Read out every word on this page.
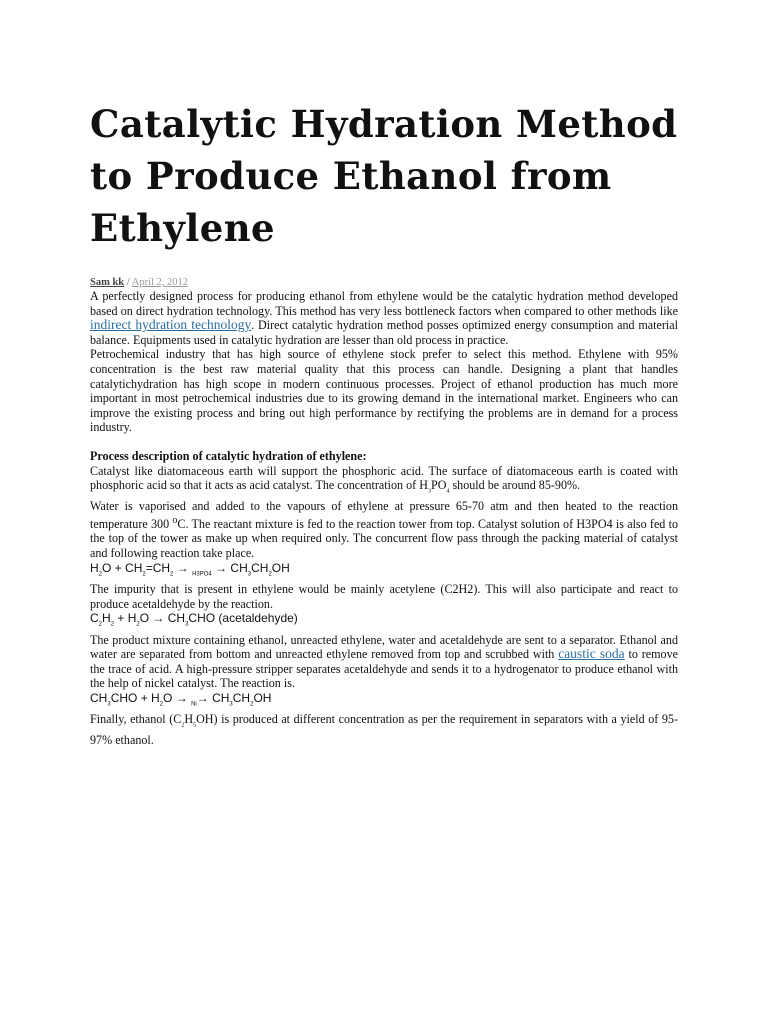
Catalytic Hydration Method to Produce Ethanol from Ethylene
Sam kk / April 2, 2012

A perfectly designed process for producing ethanol from ethylene would be the catalytic hydration method developed based on direct hydration technology. This method has very less bottleneck factors when compared to other methods like indirect hydration technology. Direct catalytic hydration method posses optimized energy consumption and material balance. Equipments used in catalytic hydration are lesser than old process in practice.

Petrochemical industry that has high source of ethylene stock prefer to select this method. Ethylene with 95% concentration is the best raw material quality that this process can handle. Designing a plant that handles catalytichydration has high scope in modern continuous processes. Project of ethanol production has much more important in most petrochemical industries due to its growing demand in the international market. Engineers who can improve the existing process and bring out high performance by rectifying the problems are in demand for a process industry.

Process description of catalytic hydration of ethylene:

Catalyst like diatomaceous earth will support the phosphoric acid. The surface of diatomaceous earth is coated with phosphoric acid so that it acts as acid catalyst. The concentration of $H_3PO_4$ should be around 85-90%.

Water is vaporised and added to the vapours of ethylene at pressure 65-70 atm and then heated to the reaction temperature 300 $^o$C. The reactant mixture is fed to the reaction tower from top. Catalyst solution of H3PO4 is also fed to the top of the tower as make up when required only. The concurrent flow pass through the packing material of catalyst and following reaction take place.

$H_2O + CH_2=CH_2 \to _{H3PO4} \to CH_3CH_2OH$

The impurity that is present in ethylene would be mainly acetylene (C2H2). This will also participate and react to produce acetaldehyde by the reaction.

$C_2H_2 + H_2O \to CH_3CHO$ (acetaldehyde)

The product mixture containing ethanol, unreacted ethylene, water and acetaldehyde are sent to a separator. Ethanol and water are separated from bottom and unreacted ethylene removed from top and scrubbed with caustic soda to remove the trace of acid. A high-pressure stripper separates acetaldehyde and sends it to a hydrogenator to produce ethanol with the help of nickel catalyst. The reaction is.

$CH_3CHO + H_2O \to _{Ni}\to CH_3CH_2OH$

Finally, ethanol $(C_2H_5OH)$ is produced at different concentration as per the requirement in separators with a yield of 95-97% ethanol.
